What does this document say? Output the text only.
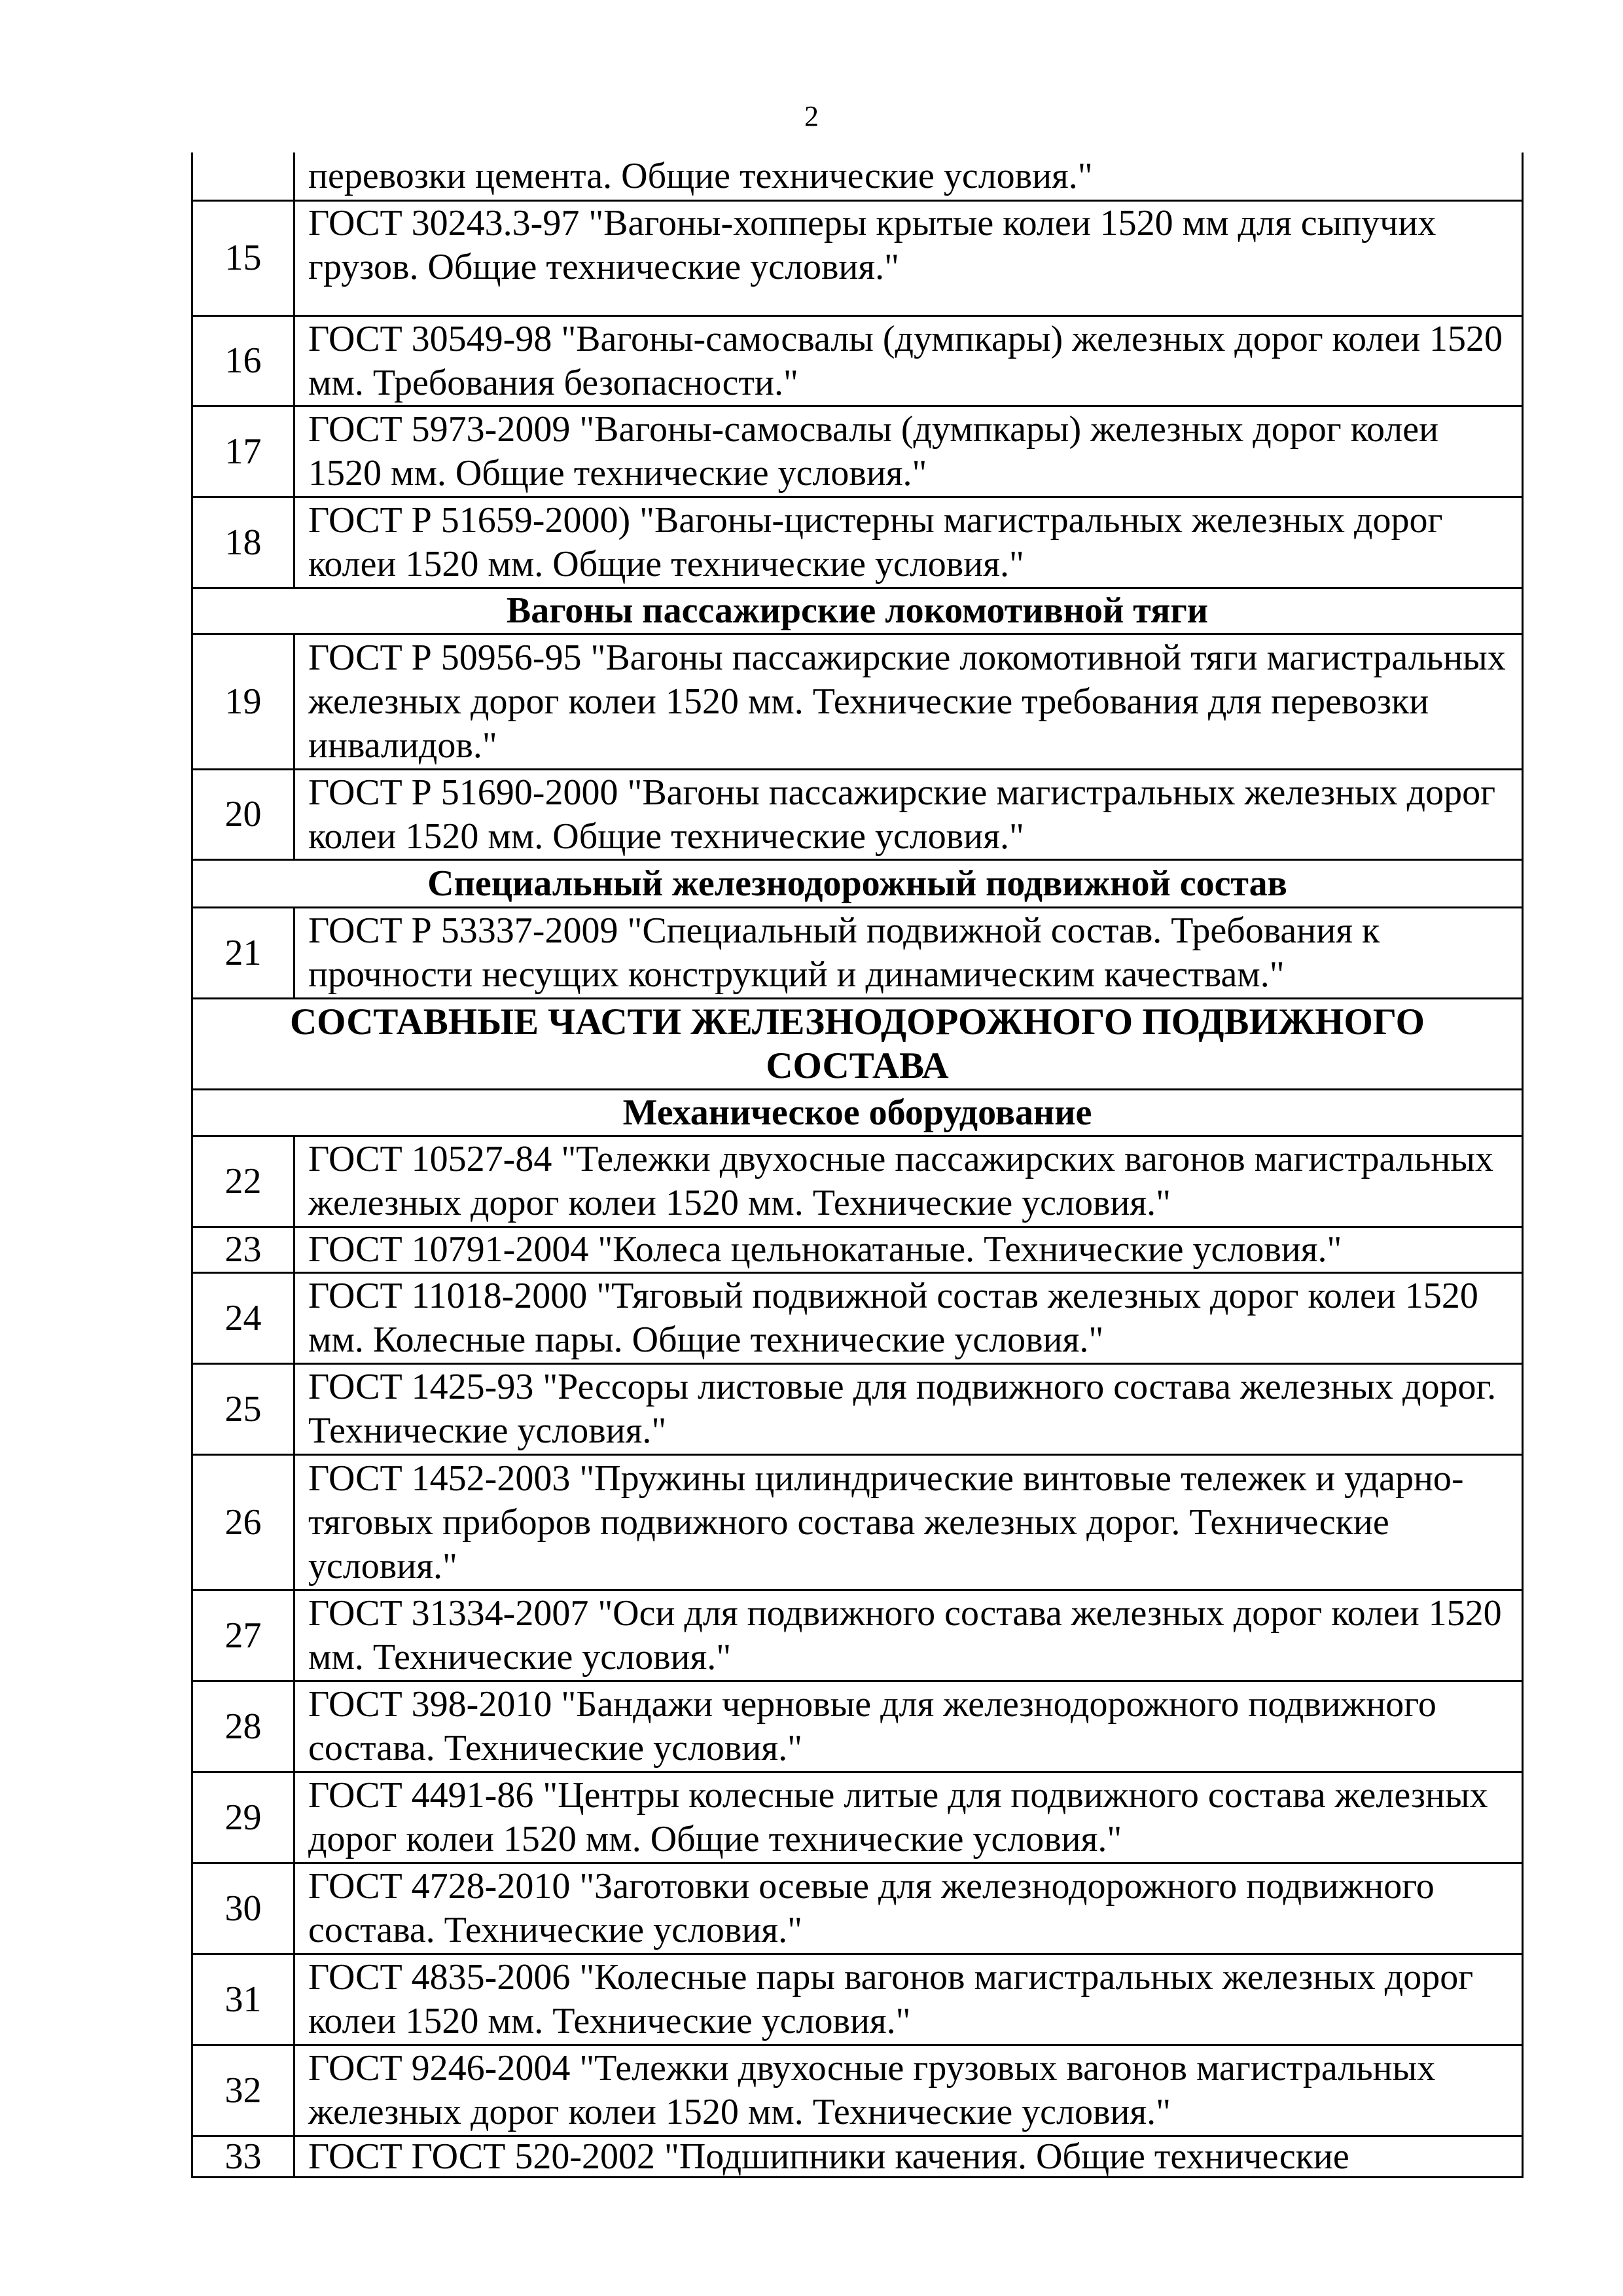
2
	перевозки цемента. Общие технические условия."
15	ГОСТ 30243.3-97 "Вагоны-хопперы крытые колеи 1520 мм для сыпучих грузов. Общие технические условия."
16	ГОСТ 30549-98 "Вагоны-самосвалы (думпкары) железных дорог колеи 1520 мм. Требования безопасности."
17	ГОСТ 5973-2009 "Вагоны-самосвалы (думпкары) железных дорог колеи 1520 мм. Общие технические условия."
18	ГОСТ Р 51659-2000) "Вагоны-цистерны магистральных железных дорог колеи 1520 мм. Общие технические условия."
Вагоны пассажирские локомотивной тяги	
19	ГОСТ Р 50956-95 "Вагоны пассажирские локомотивной тяги магистральных железных дорог колеи 1520 мм. Технические требования для перевозки инвалидов."
20	ГОСТ Р 51690-2000 "Вагоны пассажирские магистральных железных дорог колеи 1520 мм. Общие технические условия."
Специальный железнодорожный подвижной состав	
21	ГОСТ Р 53337-2009 "Специальный подвижной состав. Требования к прочности несущих конструкций и динамическим качествам."
СОСТАВНЫЕ ЧАСТИ ЖЕЛЕЗНОДОРОЖНОГО ПОДВИЖНОГО СОСТАВА	
Механическое оборудование	
22	ГОСТ 10527-84 "Тележки двухосные пассажирских вагонов магистральных железных дорог колеи 1520 мм. Технические условия."
23	ГОСТ 10791-2004 "Колеса цельнокатаные. Технические условия."
24	ГОСТ 11018-2000 "Тяговый подвижной состав железных дорог колеи 1520 мм. Колесные пары. Общие технические условия."
25	ГОСТ 1425-93 "Рессоры листовые для подвижного состава железных дорог. Технические условия."
26	ГОСТ 1452-2003 "Пружины цилиндрические винтовые тележек и ударно-тяговых приборов подвижного состава железных дорог. Технические условия."
27	ГОСТ 31334-2007 "Оси для подвижного состава железных дорог колеи 1520 мм. Технические условия."
28	ГОСТ 398-2010 "Бандажи черновые для железнодорожного подвижного состава. Технические условия."
29	ГОСТ 4491-86 "Центры колесные литые для подвижного состава железных дорог колеи 1520 мм. Общие технические условия."
30	ГОСТ 4728-2010 "Заготовки осевые для железнодорожного подвижного состава. Технические условия."
31	ГОСТ 4835-2006 "Колесные пары вагонов магистральных железных дорог колеи 1520 мм. Технические условия."
32	ГОСТ 9246-2004 "Тележки двухосные грузовых вагонов магистральных железных дорог колеи 1520 мм. Технические условия."
33	ГОСТ ГОСТ 520-2002 "Подшипники качения. Общие технические
